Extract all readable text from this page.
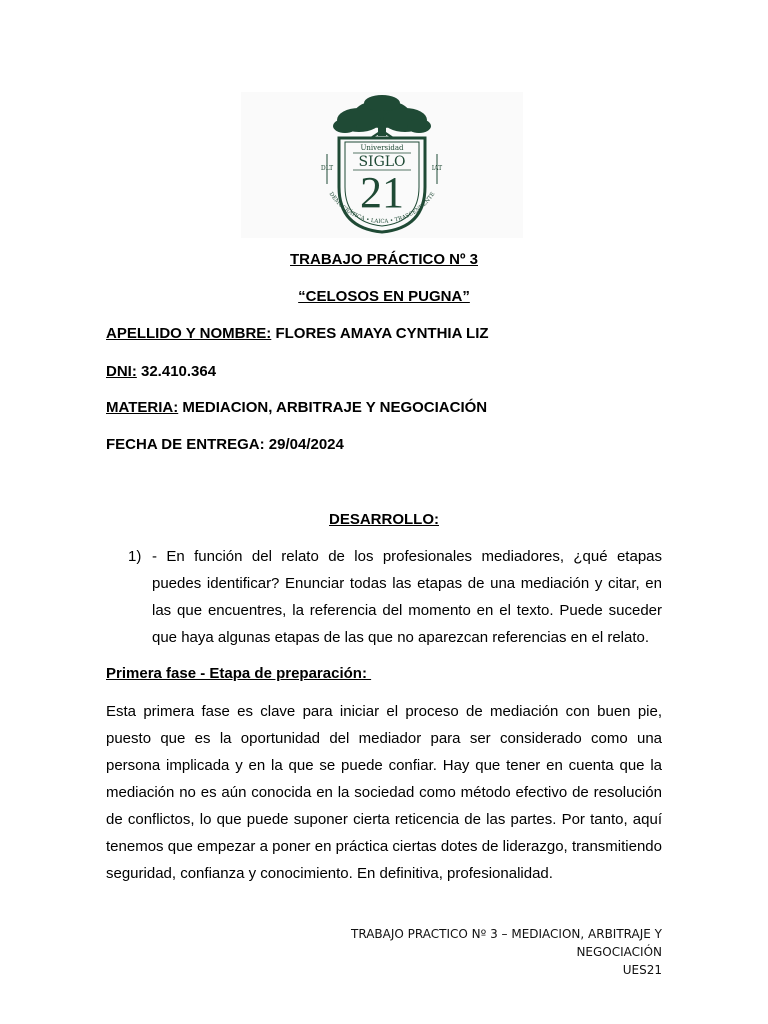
DLT	IAT
Universidad
SIGLO
21
DEMOCRÁTICA • LAICA • TRASCENDENTE
TRABAJO PRÁCTICO Nº 3
“CELOSOS EN PUGNA”
APELLIDO Y NOMBRE: FLORES AMAYA CYNTHIA LIZ
DNI: 32.410.364
MATERIA: MEDIACION, ARBITRAJE Y NEGOCIACIÓN
FECHA DE ENTREGA: 29/04/2024
DESARROLLO:
1) - En función del relato de los profesionales mediadores, ¿qué etapas puedes identificar? Enunciar todas las etapas de una mediación y citar, en las que encuentres, la referencia del momento en el texto. Puede suceder que haya algunas etapas de las que no aparezcan referencias en el relato.
Primera fase - Etapa de preparación:
Esta primera fase es clave para iniciar el proceso de mediación con buen pie, puesto que es la oportunidad del mediador para ser considerado como una persona implicada y en la que se puede confiar. Hay que tener en cuenta que la mediación no es aún conocida en la sociedad como método efectivo de resolución de conflictos, lo que puede suponer cierta reticencia de las partes. Por tanto, aquí tenemos que empezar a poner en práctica ciertas dotes de liderazgo, transmitiendo seguridad, confianza y conocimiento. En definitiva, profesionalidad.
TRABAJO PRACTICO Nº 3 – MEDIACION, ARBITRAJE Y NEGOCIACIÓN
UES21
